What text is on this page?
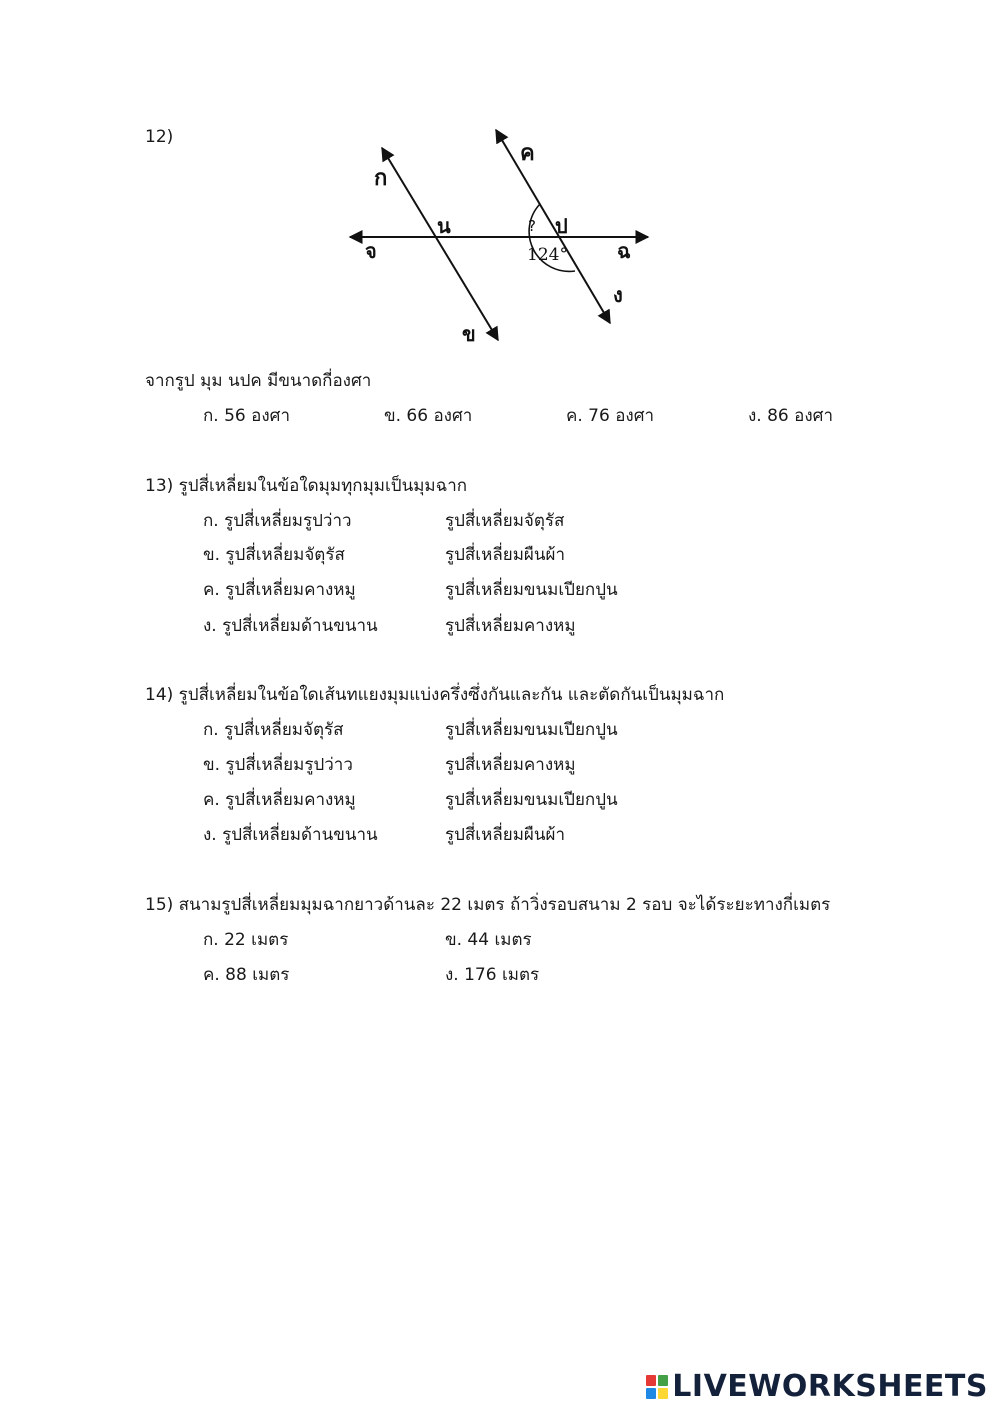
12)
ก
ค
น	ป
?
จ	ฉ
124°
ง
ข
จากรูป มุม นปค มีขนาดกี่องศา
ก. 56 องศา	ข. 66 องศา	ค. 76 องศา	ง. 86 องศา
13) รูปสี่เหลี่ยมในข้อใดมุมทุกมุมเป็นมุมฉาก
ก. รูปสี่เหลี่ยมรูปว่าว	รูปสี่เหลี่ยมจัตุรัส
ข. รูปสี่เหลี่ยมจัตุรัส	รูปสี่เหลี่ยมผืนผ้า
ค. รูปสี่เหลี่ยมคางหมู	รูปสี่เหลี่ยมขนมเปียกปูน
ง. รูปสี่เหลี่ยมด้านขนาน	รูปสี่เหลี่ยมคางหมู
14) รูปสี่เหลี่ยมในข้อใดเส้นทแยงมุมแบ่งครึ่งซึ่งกันและกัน และตัดกันเป็นมุมฉาก
ก. รูปสี่เหลี่ยมจัตุรัส	รูปสี่เหลี่ยมขนมเปียกปูน
ข. รูปสี่เหลี่ยมรูปว่าว	รูปสี่เหลี่ยมคางหมู
ค. รูปสี่เหลี่ยมคางหมู	รูปสี่เหลี่ยมขนมเปียกปูน
ง. รูปสี่เหลี่ยมด้านขนาน	รูปสี่เหลี่ยมผืนผ้า
15) สนามรูปสี่เหลี่ยมมุมฉากยาวด้านละ 22 เมตร ถ้าวิ่งรอบสนาม 2 รอบ จะได้ระยะทางกี่เมตร
ก. 22 เมตร	ข. 44 เมตร
ค. 88 เมตร	ง. 176 เมตร
LIVEWORKSHEETS
